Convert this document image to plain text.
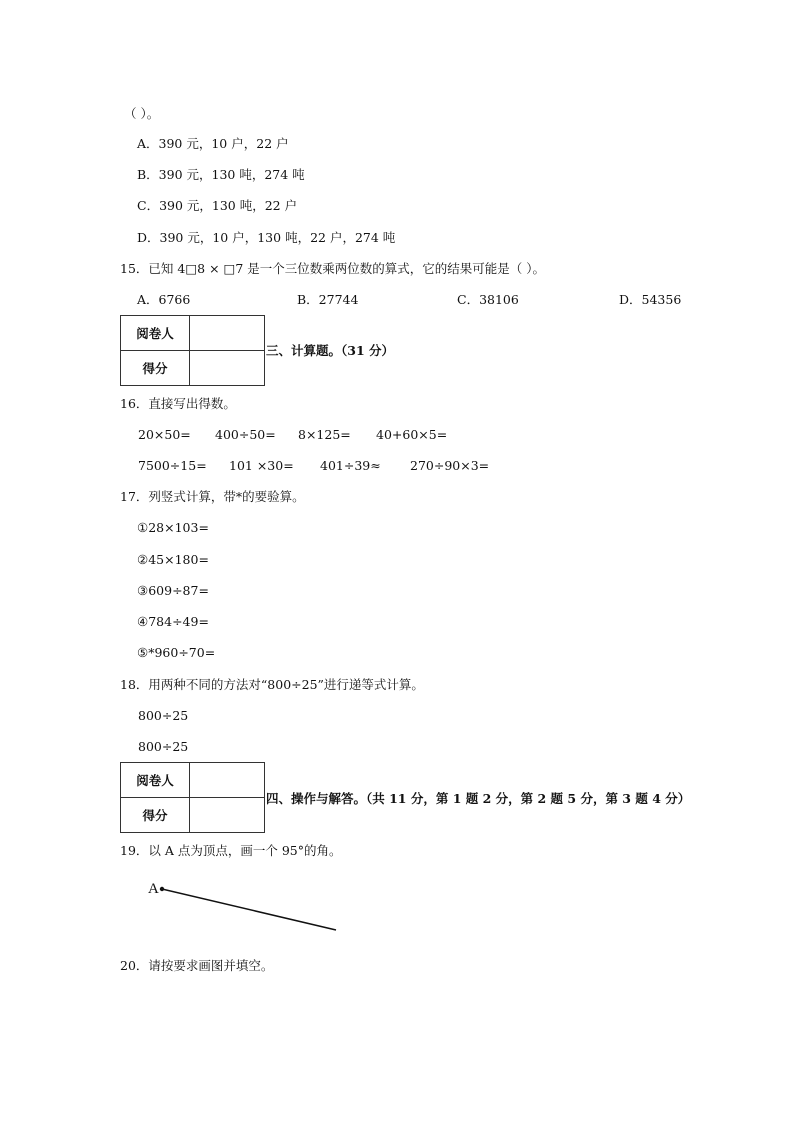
（ ）。
A．390 元，10 户，22 户
B．390 元，130 吨，274 吨
C．390 元，130 吨，22 户
D．390 元，10 户，130 吨，22 户，274 吨
15．已知 4□8 × □7 是一个三位数乘两位数的算式，它的结果可能是（ ）。
A．6766	B．27744	C．38106	D．54356
阅卷人	
得分	
三、计算题。（31 分）
16．直接写出得数。
20×50= 400÷50= 8×125= 40+60×5=
7500÷15= 101 ×30= 401÷39≈ 270÷90×3=
17．列竖式计算，带*的要验算。
①28×103=
②45×180=
③609÷87=
④784÷49=
⑤*960÷70=
18．用两种不同的方法对“800÷25”进行递等式计算。
800÷25
800÷25
阅卷人	
得分	
四、操作与解答。（共 11 分，第 1 题 2 分，第 2 题 5 分，第 3 题 4 分）
19．以 A 点为顶点，画一个 95°的角。
A
20．请按要求画图并填空。
